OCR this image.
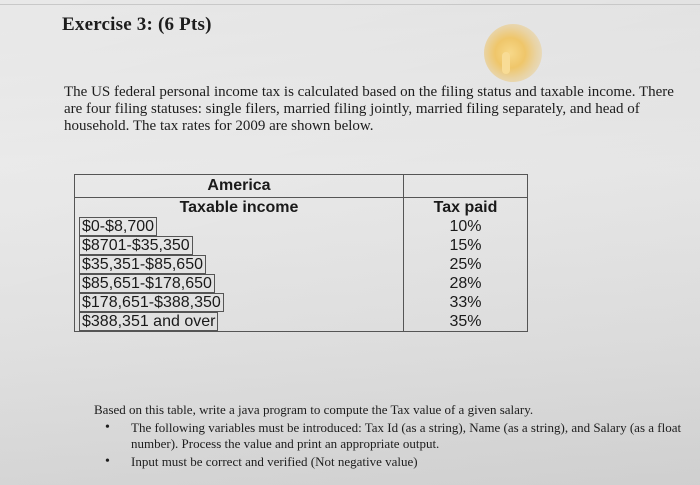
Exercise 3: (6 Pts)
The US federal personal income tax is calculated based on the filing status and taxable income. There are four filing statuses: single filers, married filing jointly, married filing separately, and head of household. The tax rates for 2009 are shown below.
America	
Taxable income	Tax paid
$0-$8,700	10%
$8701-$35,350	15%
$35,351-$85,650	25%
$85,651-$178,650	28%
$178,651-$388,350	33%
$388,351 and over	35%
Based on this table, write a java program to compute the Tax value of a given salary.
• The following variables must be introduced: Tax Id (as a string), Name (as a string), and Salary (as a float number). Process the value and print an appropriate output.
• Input must be correct and verified (Not negative value)
